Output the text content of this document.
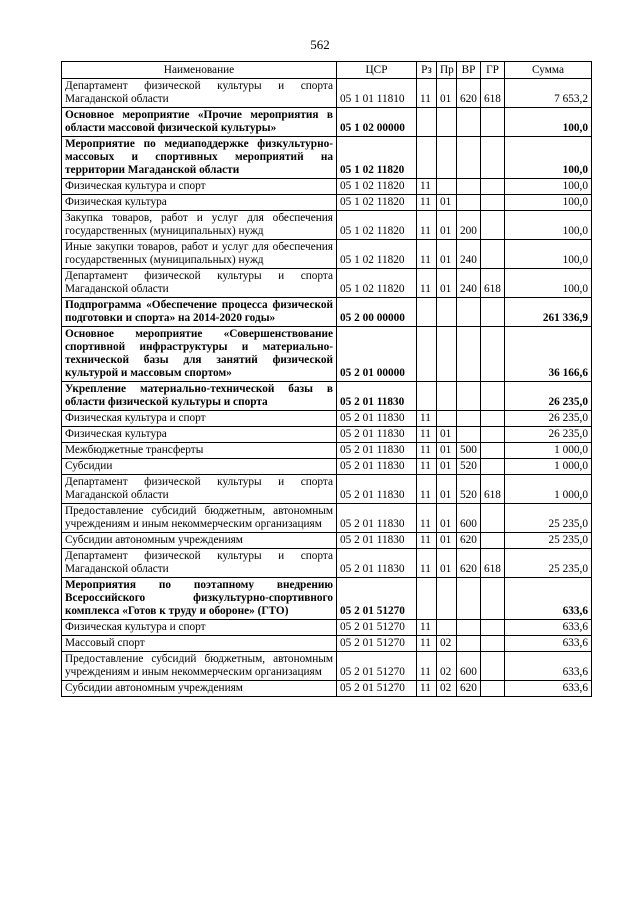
562
Наименование	ЦСР	Рз	Пр	ВР	ГР	Сумма
Департамент физической культуры и спорта Магаданской области	05 1 01 11810	11	01	620	618	7 653,2
Основное мероприятие «Прочие мероприятия в области массовой физической культуры»	05 1 02 00000					100,0
Мероприятие по медиаподдержке физкультурно-массовых и спортивных мероприятий на территории Магаданской области	05 1 02 11820					100,0
Физическая культура и спорт	05 1 02 11820	11				100,0
Физическая культура	05 1 02 11820	11	01			100,0
Закупка товаров, работ и услуг для обеспечения государственных (муниципальных) нужд	05 1 02 11820	11	01	200		100,0
Иные закупки товаров, работ и услуг для обеспечения государственных (муниципальных) нужд	05 1 02 11820	11	01	240		100,0
Департамент физической культуры и спорта Магаданской области	05 1 02 11820	11	01	240	618	100,0
Подпрограмма «Обеспечение процесса физической подготовки и спорта» на 2014-2020 годы»	05 2 00 00000					261 336,9
Основное мероприятие «Совершенствование спортивной инфраструктуры и материально-технической базы для занятий физической культурой и массовым спортом»	05 2 01 00000					36 166,6
Укрепление материально-технической базы в области физической культуры и спорта	05 2 01 11830					26 235,0
Физическая культура и спорт	05 2 01 11830	11				26 235,0
Физическая культура	05 2 01 11830	11	01			26 235,0
Межбюджетные трансферты	05 2 01 11830	11	01	500		1 000,0
Субсидии	05 2 01 11830	11	01	520		1 000,0
Департамент физической культуры и спорта Магаданской области	05 2 01 11830	11	01	520	618	1 000,0
Предоставление субсидий бюджетным, автономным учреждениям и иным некоммерческим организациям	05 2 01 11830	11	01	600		25 235,0
Субсидии автономным учреждениям	05 2 01 11830	11	01	620		25 235,0
Департамент физической культуры и спорта Магаданской области	05 2 01 11830	11	01	620	618	25 235,0
Мероприятия по поэтапному внедрению Всероссийского физкультурно-спортивного комплекса «Готов к труду и обороне» (ГТО)	05 2 01 51270					633,6
Физическая культура и спорт	05 2 01 51270	11				633,6
Массовый спорт	05 2 01 51270	11	02			633,6
Предоставление субсидий бюджетным, автономным учреждениям и иным некоммерческим организациям	05 2 01 51270	11	02	600		633,6
Субсидии автономным учреждениям	05 2 01 51270	11	02	620		633,6
